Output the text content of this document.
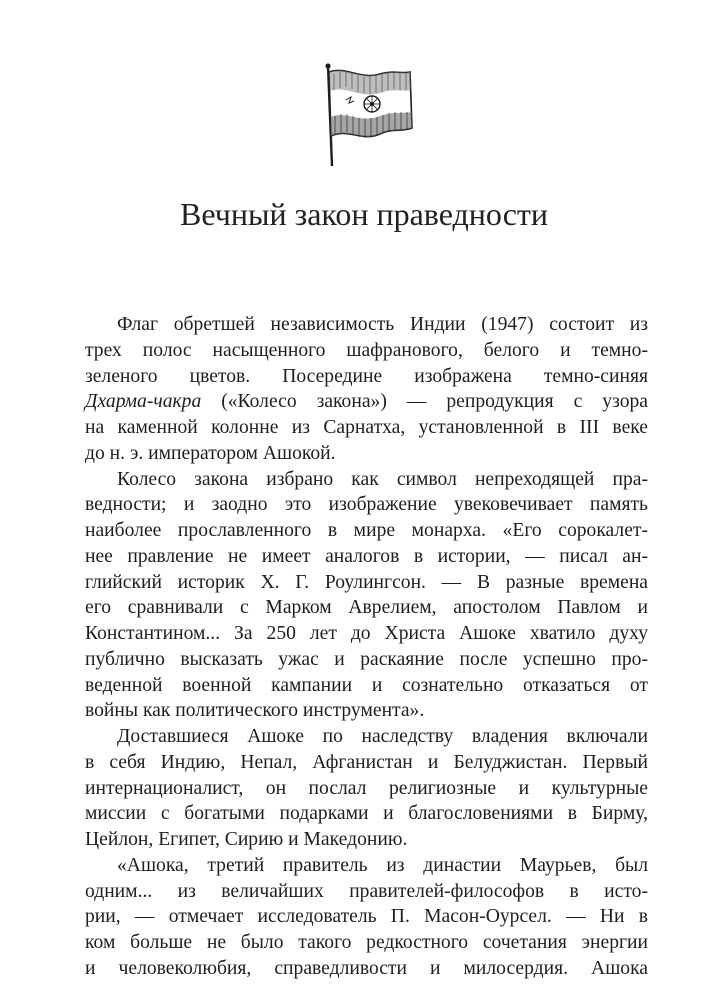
Вечный закон праведности
Флаг обретшей независимость Индии (1947) состоит из
трех полос насыщенного шафранового, белого и темно-
зеленого цветов. Посередине изображена темно-синяя
Дхарма-чакра («Колесо закона») — репродукция с узора
на каменной колонне из Сарнатха, установленной в III веке
до н. э. императором Ашокой.
Колесо закона избрано как символ непреходящей пра-
ведности; и заодно это изображение увековечивает память
наиболее прославленного в мире монарха. «Его сорокалет-
нее правление не имеет аналогов в истории, — писал ан-
глийский историк Х. Г. Роулингсон. — В разные времена
его сравнивали с Марком Аврелием, апостолом Павлом и
Константином... За 250 лет до Христа Ашоке хватило духу
публично высказать ужас и раскаяние после успешно про-
веденной военной кампании и сознательно отказаться от
войны как политического инструмента».
Доставшиеся Ашоке по наследству владения включали
в себя Индию, Непал, Афганистан и Белуджистан. Первый
интернационалист, он послал религиозные и культурные
миссии с богатыми подарками и благословениями в Бирму,
Цейлон, Египет, Сирию и Македонию.
«Ашока, третий правитель из династии Маурьев, был
одним... из величайших правителей-философов в исто-
рии, — отмечает исследователь П. Масон-Оурсел. — Ни в
ком больше не было такого редкостного сочетания энергии
и человеколюбия, справедливости и милосердия. Ашока
